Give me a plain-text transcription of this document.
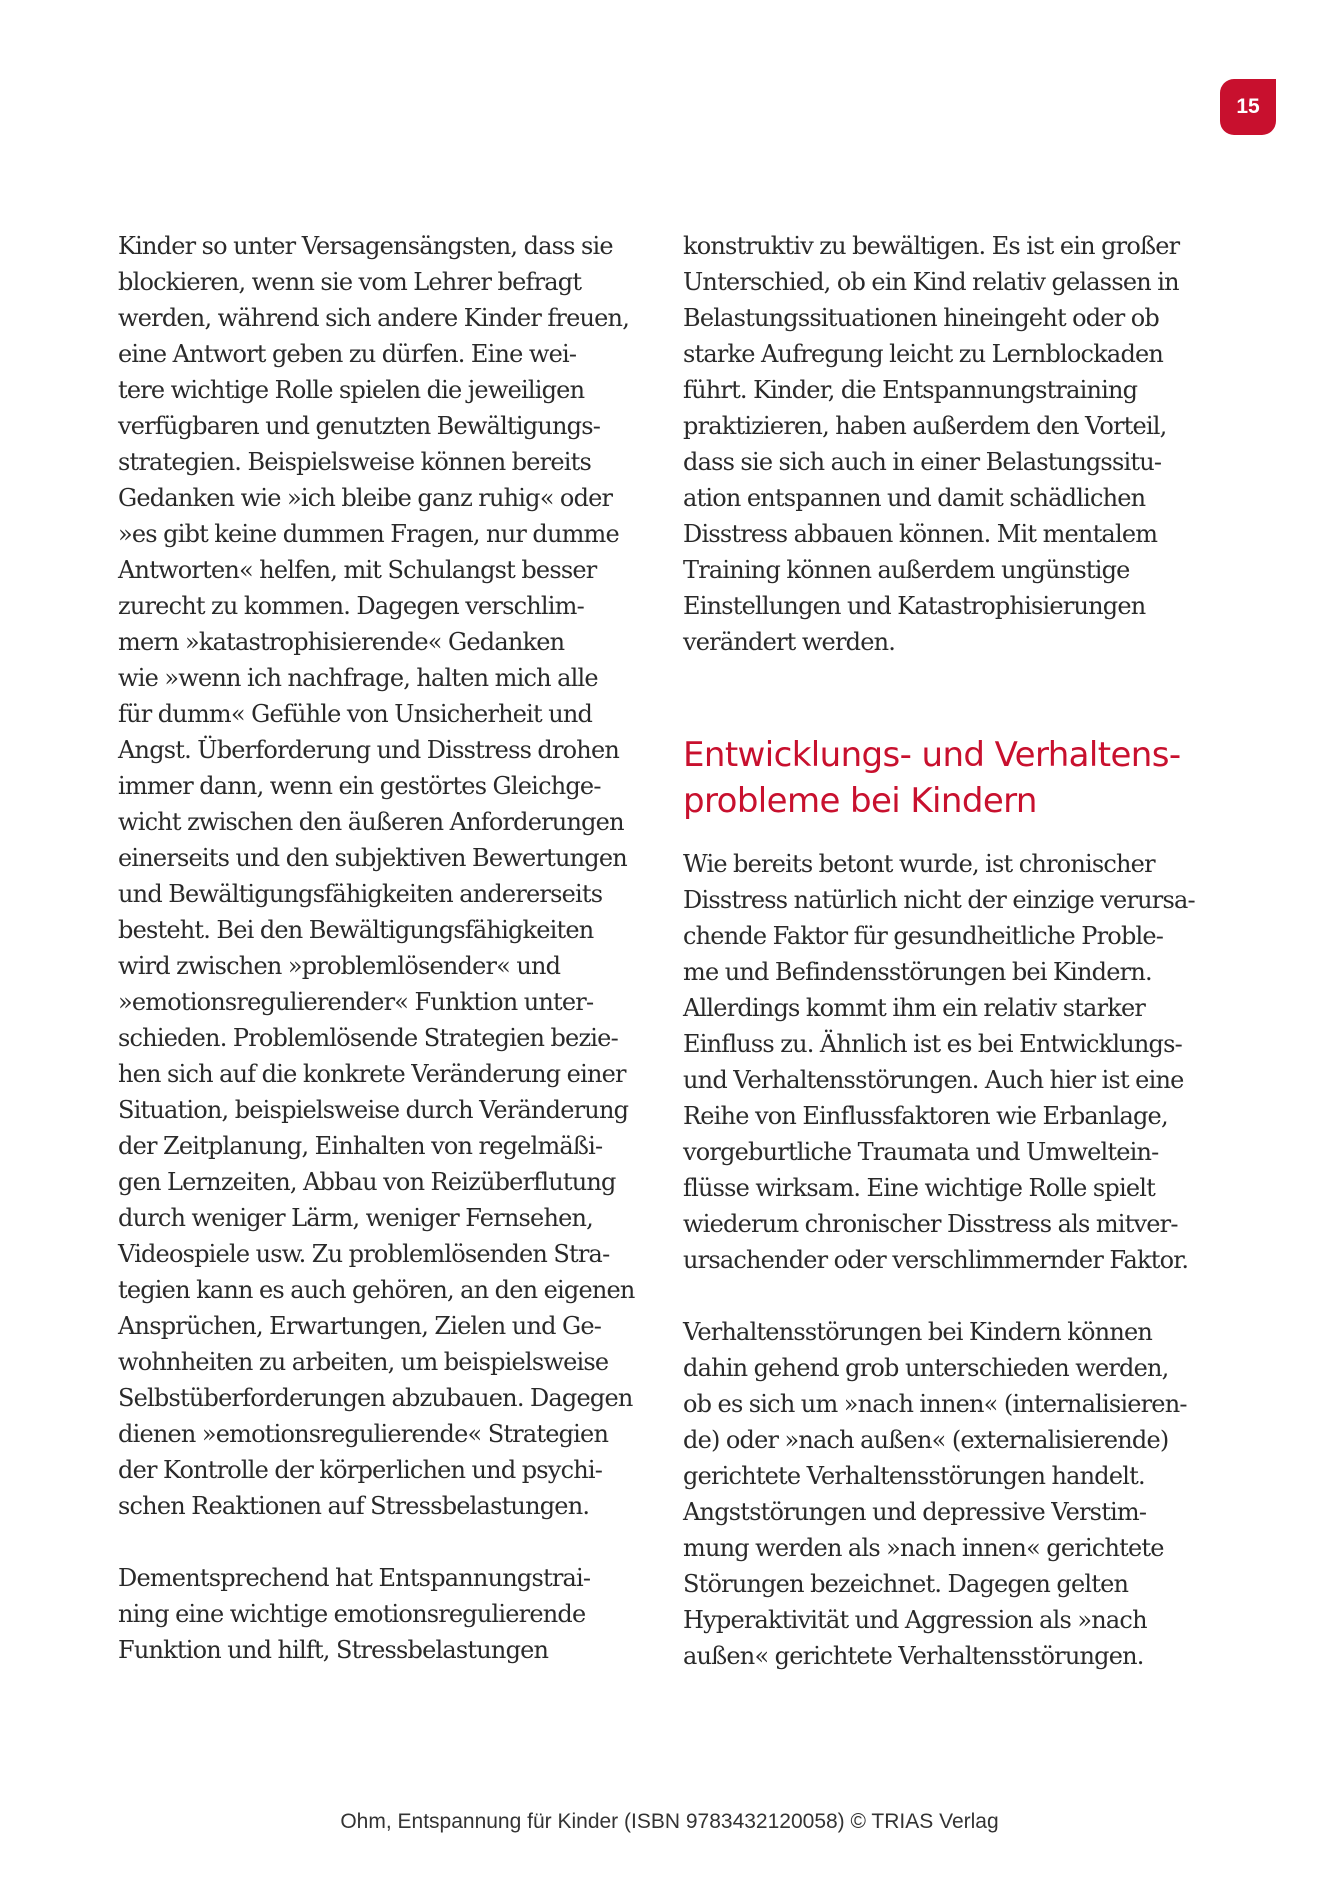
15
Kinder so unter Versagensängsten, dass sie
blockieren, wenn sie vom Lehrer befragt
werden, während sich andere Kinder freuen,
eine Antwort geben zu dürfen. Eine wei-
tere wichtige Rolle spielen die jeweiligen
verfügbaren und genutzten Bewältigungs-
strategien. Beispielsweise können bereits
Gedanken wie »ich bleibe ganz ruhig« oder
»es gibt keine dummen Fragen, nur dumme
Antworten« helfen, mit Schulangst besser
zurecht zu kommen. Dagegen verschlim-
mern »katastrophisierende« Gedanken
wie »wenn ich nachfrage, halten mich alle
für dumm« Gefühle von Unsicherheit und
Angst. Überforderung und Disstress drohen
immer dann, wenn ein gestörtes Gleichge-
wicht zwischen den äußeren Anforderungen
einerseits und den subjektiven Bewertungen
und Bewältigungsfähigkeiten andererseits
besteht. Bei den Bewältigungsfähigkeiten
wird zwischen »problemlösender« und
»emotionsregulierender« Funktion unter-
schieden. Problemlösende Strategien bezie-
hen sich auf die konkrete Veränderung einer
Situation, beispielsweise durch Veränderung
der Zeitplanung, Einhalten von regelmäßi-
gen Lernzeiten, Abbau von Reizüberflutung
durch weniger Lärm, weniger Fernsehen,
Videospiele usw. Zu problemlösenden Stra-
tegien kann es auch gehören, an den eigenen
Ansprüchen, Erwartungen, Zielen und Ge-
wohnheiten zu arbeiten, um beispielsweise
Selbstüberforderungen abzubauen. Dagegen
dienen »emotionsregulierende« Strategien
der Kontrolle der körperlichen und psychi-
schen Reaktionen auf Stressbelastungen.
Dementsprechend hat Entspannungstrai-
ning eine wichtige emotionsregulierende
Funktion und hilft, Stressbelastungen
konstruktiv zu bewältigen. Es ist ein großer
Unterschied, ob ein Kind relativ gelassen in
Belastungssituationen hineingeht oder ob
starke Aufregung leicht zu Lernblockaden
führt. Kinder, die Entspannungstraining
praktizieren, haben außerdem den Vorteil,
dass sie sich auch in einer Belastungssitu-
ation entspannen und damit schädlichen
Disstress abbauen können. Mit mentalem
Training können außerdem ungünstige
Einstellungen und Katastrophisierungen
verändert werden.
Entwicklungs- und Verhaltens-
probleme bei Kindern
Wie bereits betont wurde, ist chronischer
Disstress natürlich nicht der einzige verursa-
chende Faktor für gesundheitliche Proble-
me und Befindensstörungen bei Kindern.
Allerdings kommt ihm ein relativ starker
Einfluss zu. Ähnlich ist es bei Entwicklungs-
und Verhaltensstörungen. Auch hier ist eine
Reihe von Einflussfaktoren wie Erbanlage,
vorgeburtliche Traumata und Umweltein-
flüsse wirksam. Eine wichtige Rolle spielt
wiederum chronischer Disstress als mitver-
ursachender oder verschlimmernder Faktor.
Verhaltensstörungen bei Kindern können
dahin gehend grob unterschieden werden,
ob es sich um »nach innen« (internalisieren-
de) oder »nach außen« (externalisierende)
gerichtete Verhaltensstörungen handelt.
Angststörungen und depressive Verstim-
mung werden als »nach innen« gerichtete
Störungen bezeichnet. Dagegen gelten
Hyperaktivität und Aggression als »nach
außen« gerichtete Verhaltensstörungen.
Ohm, Entspannung für Kinder (ISBN 9783432120058) © TRIAS Verlag
